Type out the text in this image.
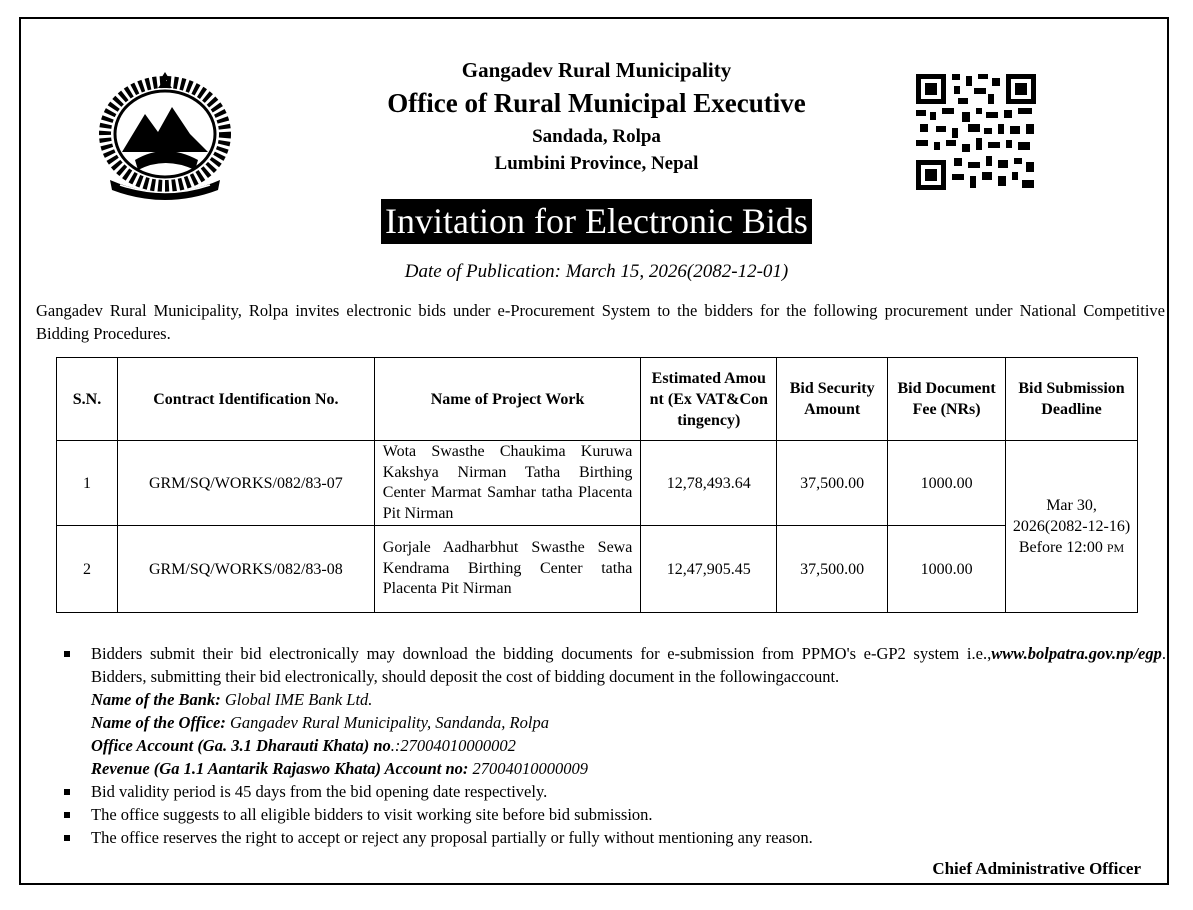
Gangadev Rural Municipality
Office of Rural Municipal Executive
Sandada, Rolpa
Lumbini Province, Nepal
Invitation for Electronic Bids
Date of Publication: March 15, 2026(2082-12-01)
Gangadev Rural Municipality, Rolpa invites electronic bids under e-Procurement System to the bidders for the following procurement under National Competitive Bidding Procedures.
S.N.	Contract Identification No.	Name of Project Work	Estimated Amount (Ex VAT&Contingency)	Bid Security Amount	Bid Document Fee (NRs)	Bid Submission Deadline
1	GRM/SQ/WORKS/082/83-07	Wota Swasthe Chaukima Kuruwa Kakshya Nirman Tatha Birthing Center Marmat Samhar tatha Placenta Pit Nirman	12,78,493.64	37,500.00	1000.00	Mar 30, 2026(2082-12-16) Before 12:00 PM
2	GRM/SQ/WORKS/082/83-08	Gorjale Aadharbhut Swasthe Sewa Kendrama Birthing Center tatha Placenta Pit Nirman	12,47,905.45	37,500.00	1000.00	
Bidders submit their bid electronically may download the bidding documents for e-submission from PPMO's e-GP2 system i.e.,www.bolpatra.gov.np/egp. Bidders, submitting their bid electronically, should deposit the cost of bidding document in the followingaccount.
Name of the Bank: Global IME Bank Ltd.
Name of the Office: Gangadev Rural Municipality, Sandanda, Rolpa
Office Account (Ga. 3.1 Dharauti Khata) no.:27004010000002
Revenue (Ga 1.1 Aantarik Rajaswo Khata) Account no: 27004010000009
Bid validity period is 45 days from the bid opening date respectively.
The office suggests to all eligible bidders to visit working site before bid submission.
The office reserves the right to accept or reject any proposal partially or fully without mentioning any reason.
Chief Administrative Officer
